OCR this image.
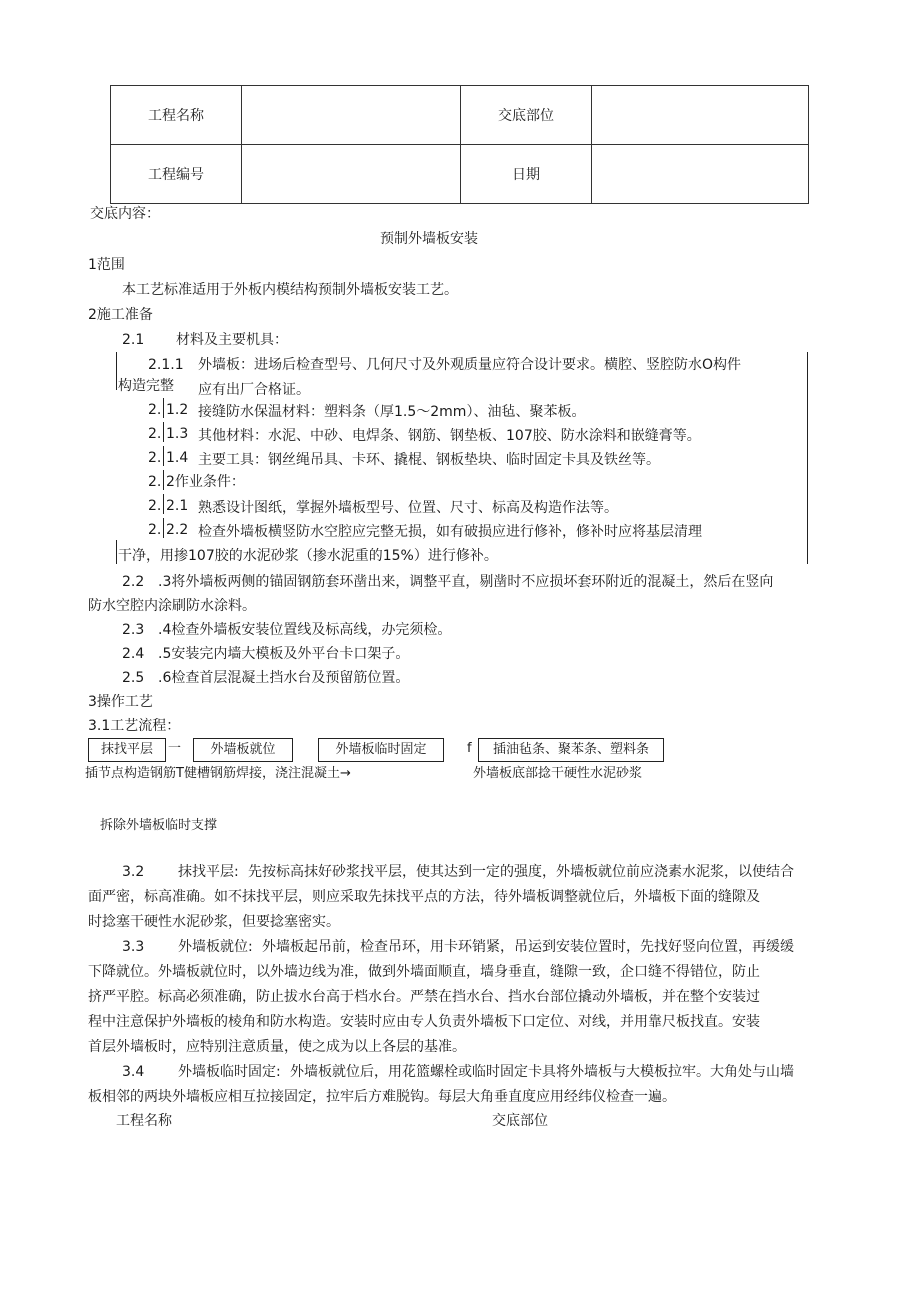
工程名称		交底部位	
工程编号		日期	
交底内容：
预制外墙板安装
1范围
本工艺标准适用于外板内模结构预制外墙板安装工艺。
2施工准备
2.1 材料及主要机具：
2.1.1 外墙板：进场后检查型号、几何尺寸及外观质量应符合设计要求。横腔、竖腔防水O构件
构造完整 应有出厂合格证。
2. 1.2 接缝防水保温材料：塑料条（厚1.5～2mm）、油毡、聚苯板。
2. 1.3 其他材料：水泥、中砂、电焊条、钢筋、钢垫板、107胶、防水涂料和嵌缝膏等。
2. 1.4 主要工具：钢丝绳吊具、卡环、撬棍、钢板垫块、临时固定卡具及铁丝等。
2. 2作业条件：
2. 2.1 熟悉设计图纸，掌握外墙板型号、位置、尺寸、标高及构造作法等。
2. 2.2 检查外墙板横竖防水空腔应完整无损，如有破损应进行修补，修补时应将基层清理
干净，用掺107胶的水泥砂浆（掺水泥重的15%）进行修补。
2.2 .3将外墙板两侧的锚固钢筋套环凿出来，调整平直，剔凿时不应损坏套环附近的混凝土，然后在竖向
防水空腔内涂刷防水涂料。
2.3 .4检查外墙板安装位置线及标高线，办完须检。
2.4 .5安装完内墙大模板及外平台卡口架子。
2.5 .6检查首层混凝土挡水台及预留筋位置。
3操作工艺
3.1工艺流程：
抹找平层	一	外墙板就位	外墙板临时固定	f	插油毡条、聚苯条、塑料条
插节点构造钢筋T健槽钢筋焊接，浇注混凝土→	外墙板底部捻干硬性水泥砂浆
拆除外墙板临时支撑
3.2 抹找平层: 先按标高抹好砂浆找平层，使其达到一定的强度，外墙板就位前应浇素水泥浆，以使结合
面严密，标高准确。如不抹找平层，则应采取先抹找平点的方法，待外墙板调整就位后，外墙板下面的缝隙及
时捻塞干硬性水泥砂浆，但要捻塞密实。
3.3 外墙板就位: 外墙板起吊前，检查吊环，用卡环销紧，吊运到安装位置时，先找好竖向位置，再缓缓
下降就位。外墙板就位时，以外墙边线为准，做到外墙面顺直，墙身垂直，缝隙一致，企口缝不得错位，防止
挤严平腔。标高必须准确，防止拔水台高于档水台。严禁在挡水台、挡水台部位撬动外墙板，并在整个安装过
程中注意保护外墙板的棱角和防水构造。安装时应由专人负责外墙板下口定位、对线，并用靠尺板找直。安装
首层外墙板时，应特别注意质量，使之成为以上各层的基准。
3.4 外墙板临时固定: 外墙板就位后，用花篮螺栓或临时固定卡具将外墙板与大模板拉牢。大角处与山墙
板相邻的两块外墙板应相互拉接固定，拉牢后方难脱钩。每层大角垂直度应用经纬仪检查一遍。
工程名称	交底部位
